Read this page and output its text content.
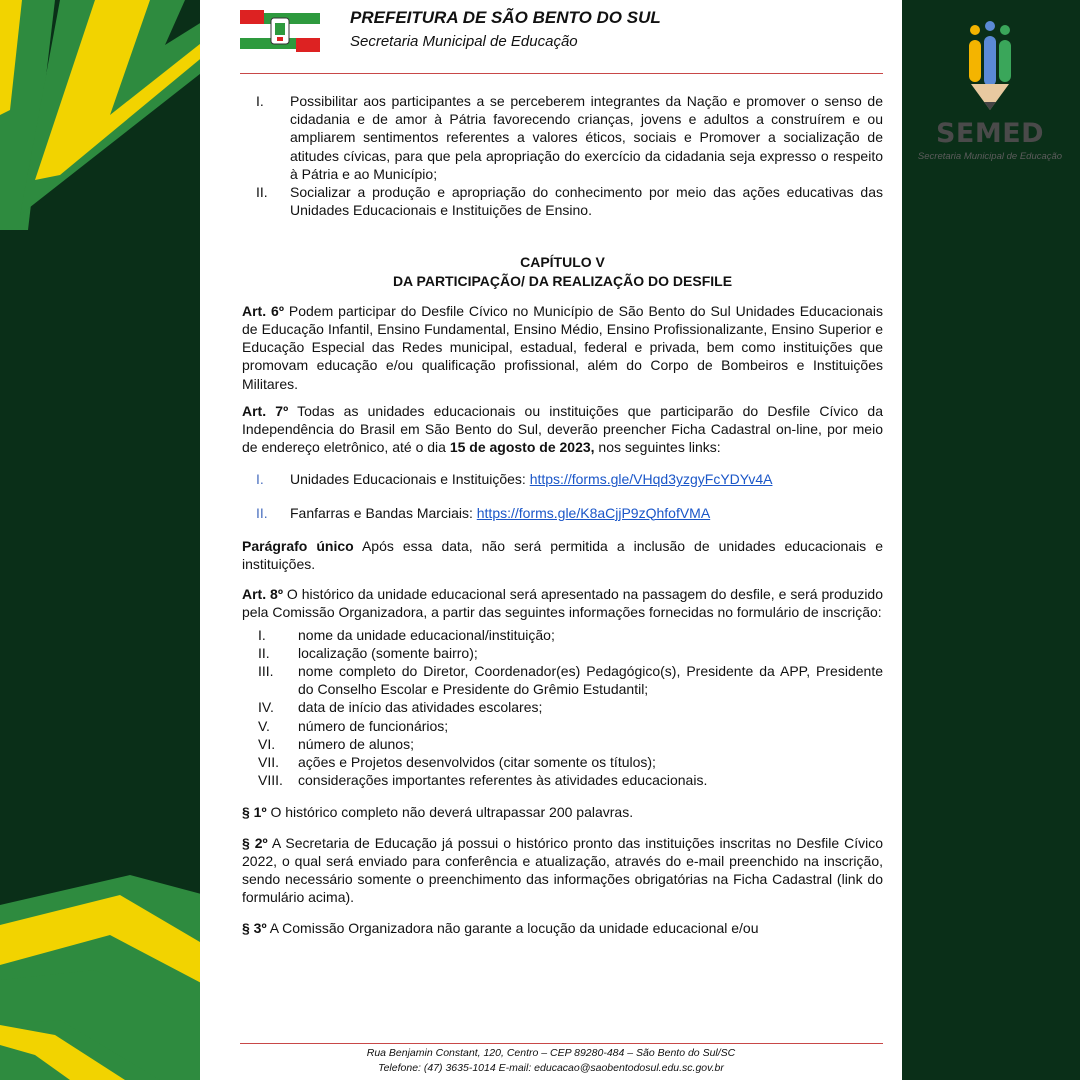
SEMED
Secretaria Municipal de Educação
PREFEITURA DE SÃO BENTO DO SUL
Secretaria Municipal de Educação
I.	Possibilitar aos participantes a se perceberem integrantes da Nação e promover o senso de cidadania e de amor à Pátria favorecendo crianças, jovens e adultos a construírem e ou ampliarem sentimentos referentes a valores éticos, sociais e Promover a socialização de atitudes cívicas, para que pela apropriação do exercício da cidadania seja expresso o respeito à Pátria e ao Município;
II.	Socializar a produção e apropriação do conhecimento por meio das ações educativas das Unidades Educacionais e Instituições de Ensino.
CAPÍTULO V
DA PARTICIPAÇÃO/ DA REALIZAÇÃO DO DESFILE

Art. 6º Podem participar do Desfile Cívico no Município de São Bento do Sul Unidades Educacionais de Educação Infantil, Ensino Fundamental, Ensino Médio, Ensino Profissionalizante, Ensino Superior e Educação Especial das Redes municipal, estadual, federal e privada, bem como instituições que promovam educação e/ou qualificação profissional, além do Corpo de Bombeiros e Instituições Militares.

Art. 7º Todas as unidades educacionais ou instituições que participarão do Desfile Cívico da Independência do Brasil em São Bento do Sul, deverão preencher Ficha Cadastral on-line, por meio de endereço eletrônico, até o dia 15 de agosto de 2023, nos seguintes links:

I.	Unidades Educacionais e Instituições: https://forms.gle/VHqd3yzgyFcYDYv4A
II.	Fanfarras e Bandas Marciais: https://forms.gle/K8aCjjP9zQhfofVMA

Parágrafo único Após essa data, não será permitida a inclusão de unidades educacionais e instituições.

Art. 8º O histórico da unidade educacional será apresentado na passagem do desfile, e será produzido pela Comissão Organizadora, a partir das seguintes informações fornecidas no formulário de inscrição:

I.	nome da unidade educacional/instituição;
II.	localização (somente bairro);
III.	nome completo do Diretor, Coordenador(es) Pedagógico(s), Presidente da APP, Presidente do Conselho Escolar e Presidente do Grêmio Estudantil;
IV.	data de início das atividades escolares;
V.	número de funcionários;
VI.	número de alunos;
VII.	ações e Projetos desenvolvidos (citar somente os títulos);
VIII.	considerações importantes referentes às atividades educacionais.

§ 1º O histórico completo não deverá ultrapassar 200 palavras.

§ 2º A Secretaria de Educação já possui o histórico pronto das instituições inscritas no Desfile Cívico 2022, o qual será enviado para conferência e atualização, através do e-mail preenchido na inscrição, sendo necessário somente o preenchimento das informações obrigatórias na Ficha Cadastral (link do formulário acima).

§ 3º A Comissão Organizadora não garante a locução da unidade educacional e/ou

Rua Benjamin Constant, 120, Centro – CEP 89280-484 – São Bento do Sul/SC
Telefone: (47) 3635-1014 E-mail: educacao@saobentodosul.edu.sc.gov.br
